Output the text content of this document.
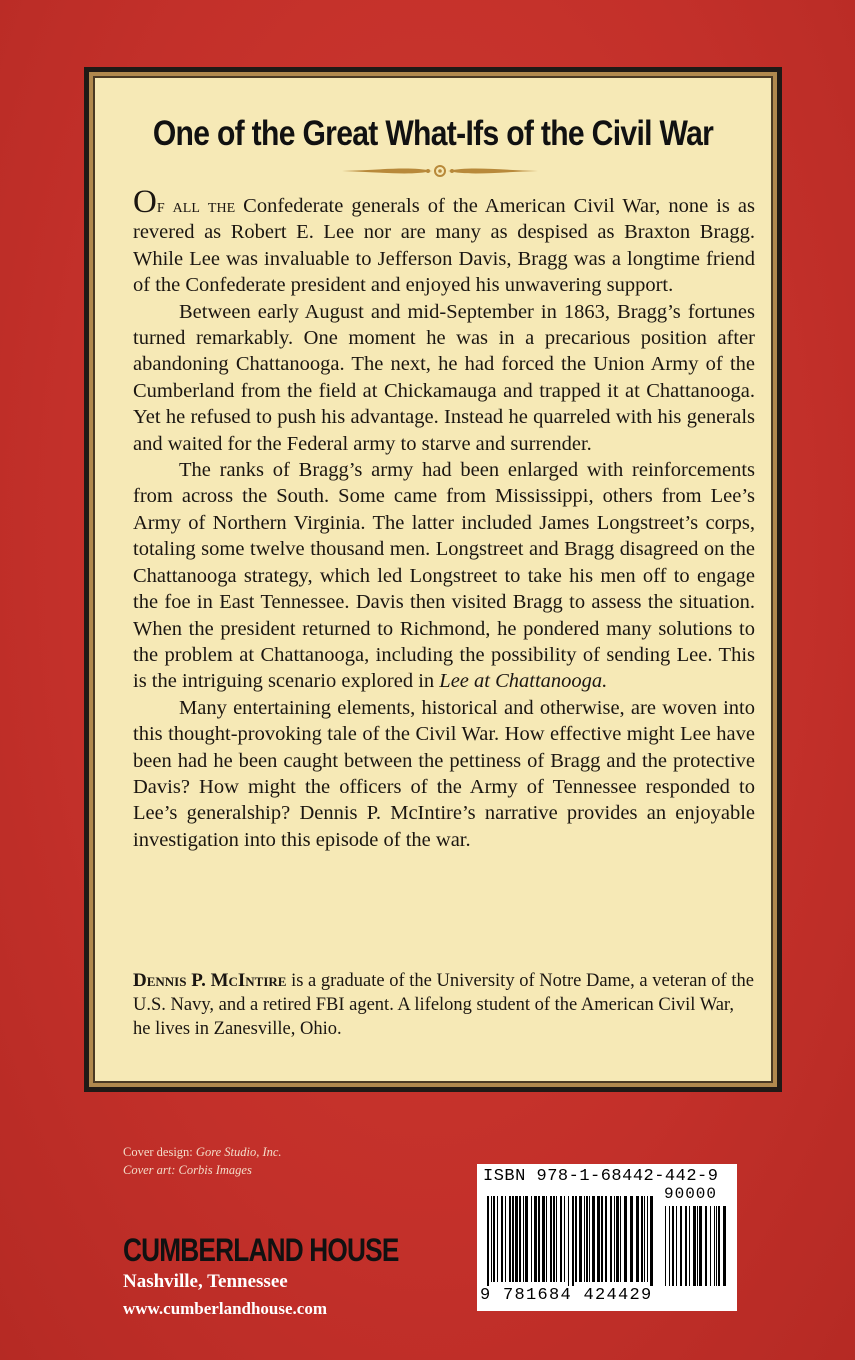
One of the Great What-Ifs of the Civil War

Of all the Confederate generals of the American Civil War, none is as revered as Robert E. Lee nor are many as despised as Braxton Bragg. While Lee was invaluable to Jefferson Davis, Bragg was a longtime friend of the Confederate president and enjoyed his unwavering support.

Between early August and mid-September in 1863, Bragg’s fortunes turned remarkably. One moment he was in a precarious position after abandoning Chattanooga. The next, he had forced the Union Army of the Cumberland from the field at Chickamauga and trapped it at Chattanooga. Yet he refused to push his advantage. Instead he quarreled with his generals and waited for the Federal army to starve and surrender.

The ranks of Bragg’s army had been enlarged with reinforcements from across the South. Some came from Mississippi, others from Lee’s Army of Northern Virginia. The latter included James Longstreet’s corps, totaling some twelve thousand men. Longstreet and Bragg disagreed on the Chattanooga strategy, which led Longstreet to take his men off to engage the foe in East Tennessee. Davis then visited Bragg to assess the situation. When the president returned to Richmond, he pondered many solutions to the problem at Chattanooga, including the possibility of sending Lee. This is the intriguing scenario explored in Lee at Chattanooga.

Many entertaining elements, historical and otherwise, are woven into this thought-provoking tale of the Civil War. How effective might Lee have been had he been caught between the pettiness of Bragg and the protective Davis? How might the officers of the Army of Tennessee responded to Lee’s generalship? Dennis P. McIntire’s narrative provides an enjoyable investigation into this episode of the war.

Dennis P. McIntire is a graduate of the University of Notre Dame, a veteran of the U.S. Navy, and a retired FBI agent. A lifelong student of the American Civil War, he lives in Zanesville, Ohio.
Cover design: Gore Studio, Inc.
Cover art: Corbis Images
CUMBERLAND HOUSE
Nashville, Tennessee
www.cumberlandhouse.com
ISBN 978-1-68442-442-9
90000
9 781684 424429
